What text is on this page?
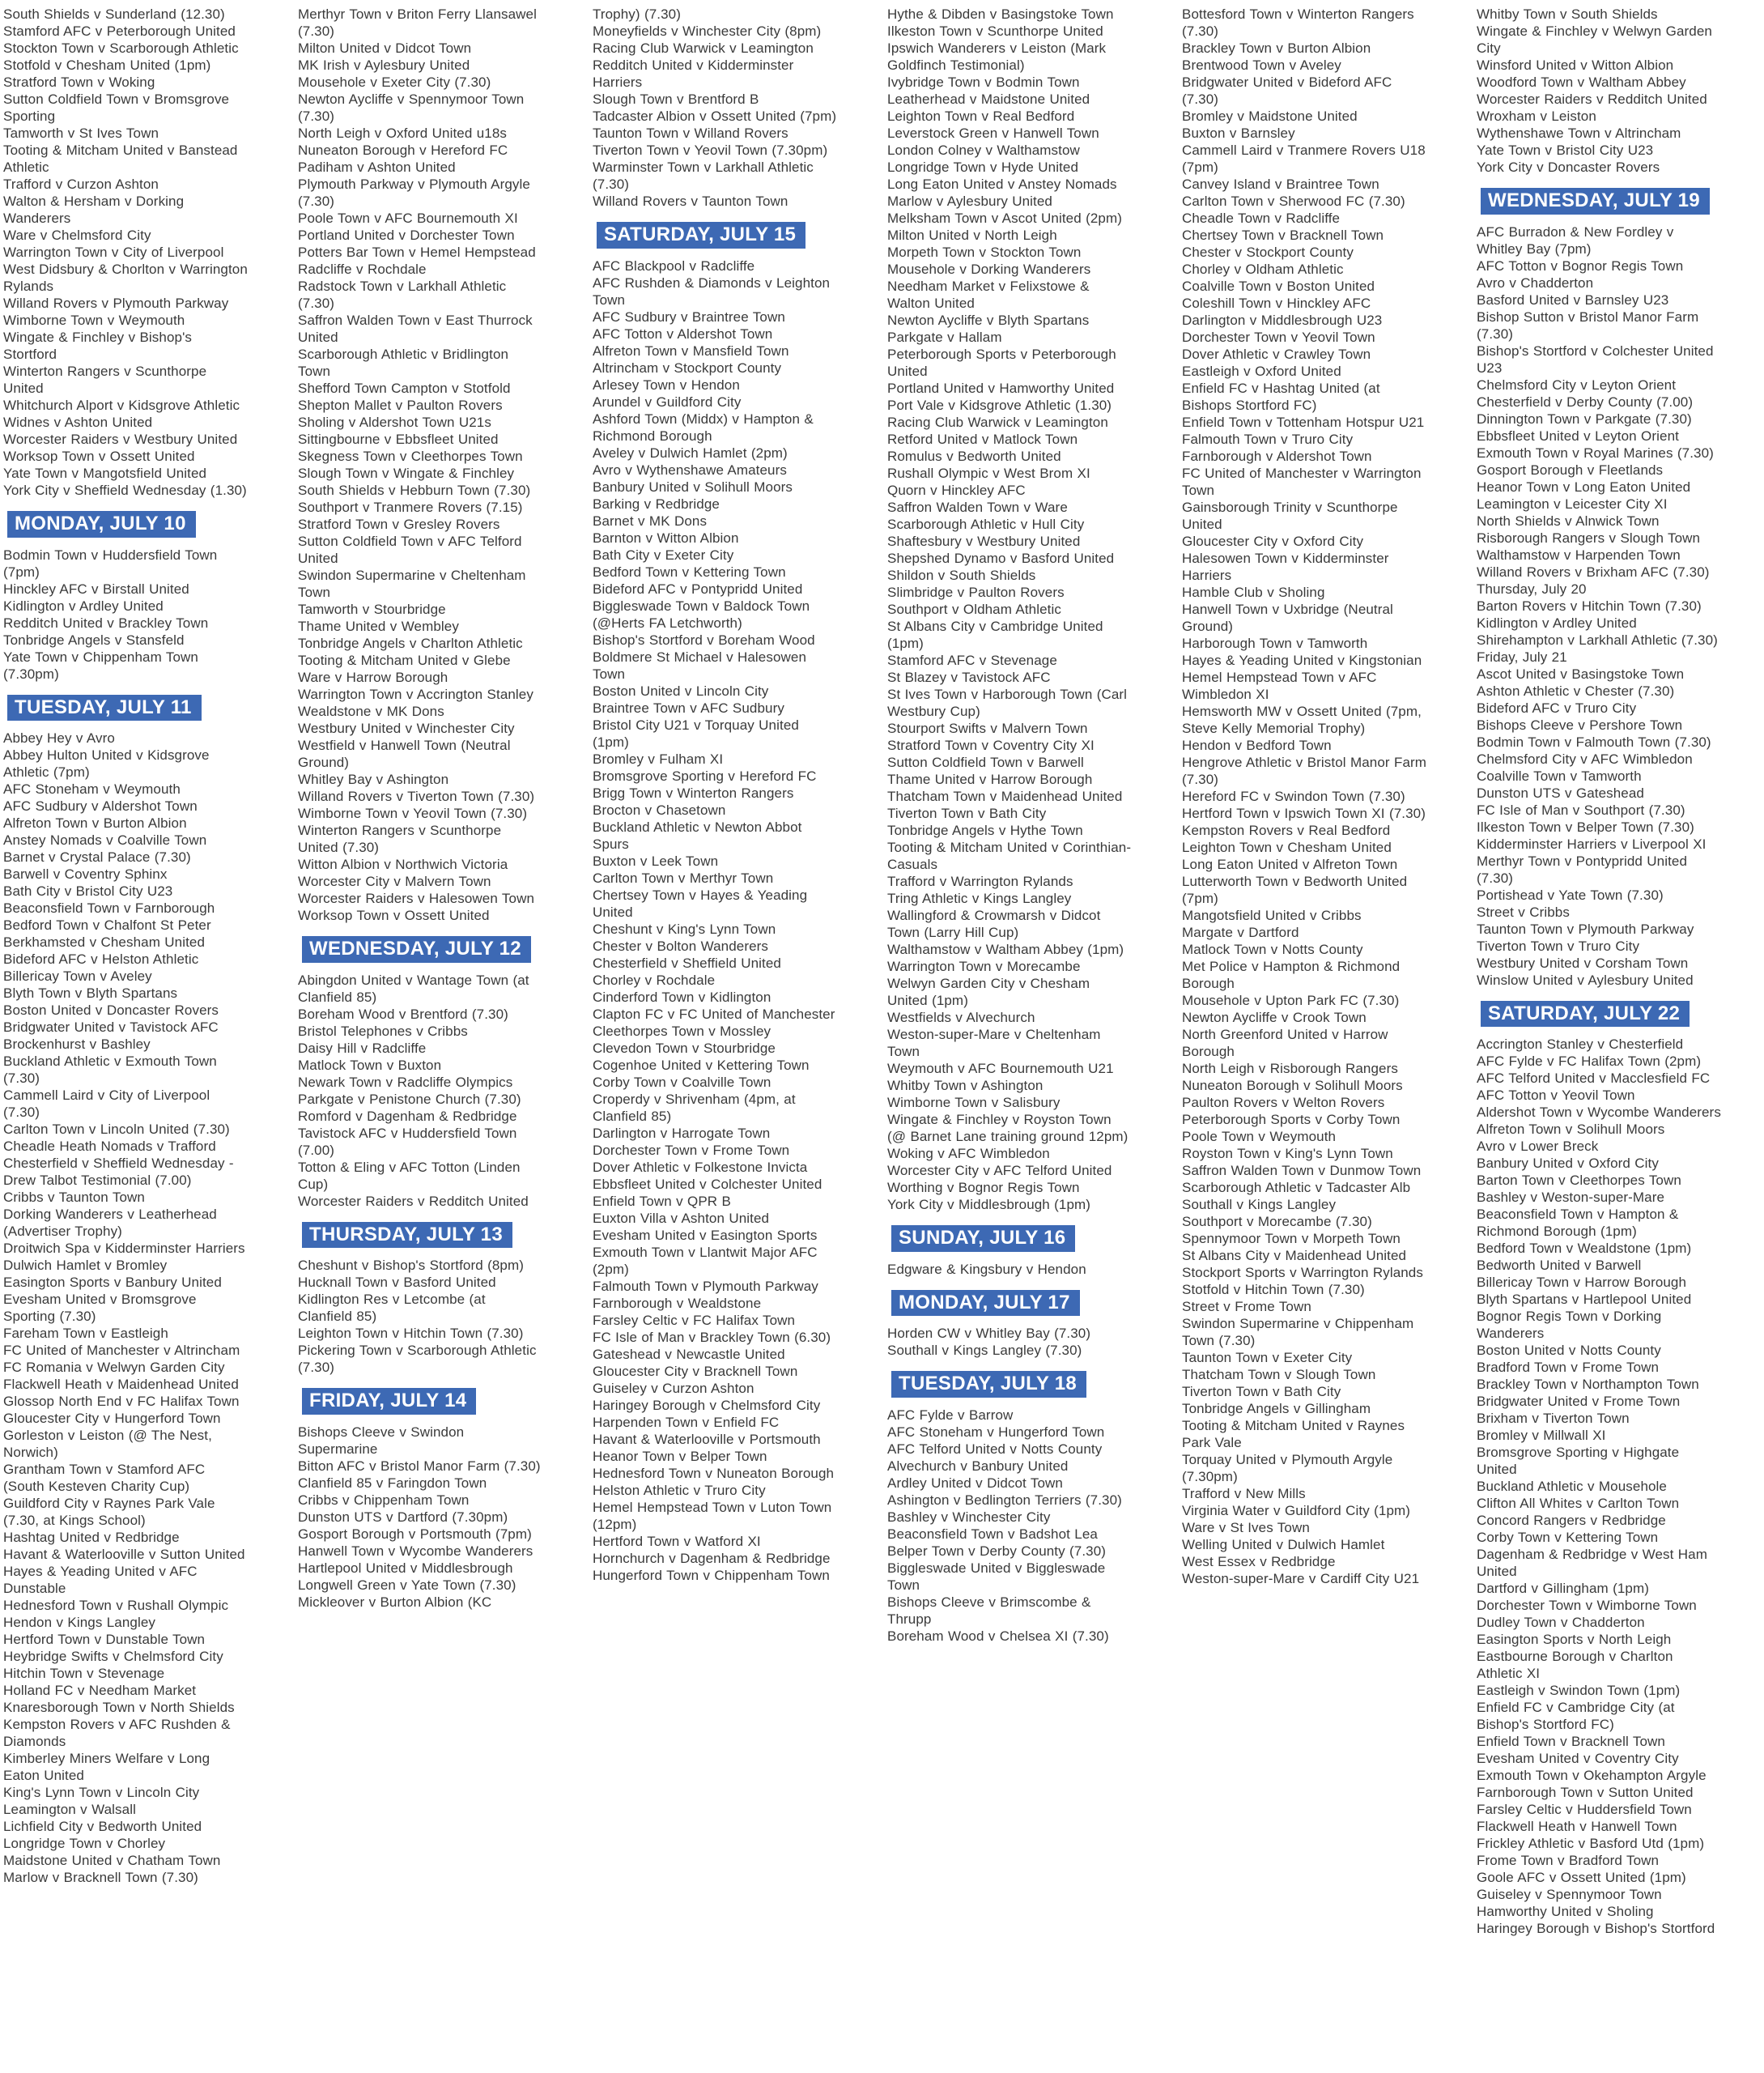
South Shields v Sunderland (12.30)
Stamford AFC v Peterborough United
Stockton Town v Scarborough Athletic
Stotfold v Chesham United (1pm)
Stratford Town v Woking
Sutton Coldfield Town v Bromsgrove Sporting
Tamworth v St Ives Town
Tooting & Mitcham United v Banstead Athletic
Trafford v Curzon Ashton
Walton & Hersham v Dorking Wanderers
Ware v Chelmsford City
Warrington Town v City of Liverpool
West Didsbury & Chorlton v Warrington Rylands
Willand Rovers v Plymouth Parkway
Wimborne Town v Weymouth
Wingate & Finchley v Bishop's Stortford
Winterton Rangers v Scunthorpe United
Whitchurch Alport v Kidsgrove Athletic
Widnes v Ashton United
Worcester Raiders v Westbury United
Worksop Town v Ossett United
Yate Town v Mangotsfield United
York City v Sheffield Wednesday (1.30)
MONDAY, JULY 10
Bodmin Town v Huddersfield Town (7pm)
Hinckley AFC v Birstall United
Kidlington v Ardley United
Redditch United v Brackley Town
Tonbridge Angels v Stansfeld
Yate Town v Chippenham Town (7.30pm)
TUESDAY, JULY 11
Abbey Hey v Avro
Abbey Hulton United v Kidsgrove Athletic (7pm)
AFC Stoneham v Weymouth
AFC Sudbury v Aldershot Town
Alfreton Town v Burton Albion
Anstey Nomads v Coalville Town
Barnet v Crystal Palace (7.30)
Barwell v Coventry Sphinx
Bath City v Bristol City U23
Beaconsfield Town v Farnborough
Bedford Town v Chalfont St Peter
Berkhamsted v Chesham United
Bideford AFC v Helston Athletic
Billericay Town v Aveley
Blyth Town v Blyth Spartans
Boston United v Doncaster Rovers
Bridgwater United v Tavistock AFC
Brockenhurst v Bashley
Buckland Athletic v Exmouth Town (7.30)
Cammell Laird v City of Liverpool (7.30)
Carlton Town v Lincoln United (7.30)
Cheadle Heath Nomads v Trafford
Chesterfield v Sheffield Wednesday - Drew Talbot Testimonial (7.00)
Cribbs v Taunton Town
Dorking Wanderers v Leatherhead (Advertiser Trophy)
Droitwich Spa v Kidderminster Harriers
Dulwich Hamlet v Bromley
Easington Sports v Banbury United
Evesham United v Bromsgrove Sporting (7.30)
Fareham Town v Eastleigh
FC United of Manchester v Altrincham
FC Romania v Welwyn Garden City
Flackwell Heath v Maidenhead United
Glossop North End v FC Halifax Town
Gloucester City v Hungerford Town
Gorleston v Leiston (@ The Nest, Norwich)
Grantham Town v Stamford AFC (South Kesteven Charity Cup)
Guildford City v Raynes Park Vale (7.30, at Kings School)
Hashtag United v Redbridge
Havant & Waterlooville v Sutton United
Hayes & Yeading United v AFC Dunstable
Hednesford Town v Rushall Olympic
Hendon v Kings Langley
Hertford Town v Dunstable Town
Heybridge Swifts v Chelmsford City
Hitchin Town v Stevenage
Holland FC v Needham Market
Knaresborough Town v North Shields
Kempston Rovers v AFC Rushden & Diamonds
Kimberley Miners Welfare v Long Eaton United
King's Lynn Town v Lincoln City
Leamington v Walsall
Lichfield City v Bedworth United
Longridge Town v Chorley
Maidstone United v Chatham Town
Marlow v Bracknell Town (7.30)
Merthyr Town v Briton Ferry Llansawel (7.30)
Milton United v Didcot Town
MK Irish v Aylesbury United
Mousehole v Exeter City (7.30)
Newton Aycliffe v Spennymoor Town (7.30)
North Leigh v Oxford United u18s
Nuneaton Borough v Hereford FC
Padiham v Ashton United
Plymouth Parkway v Plymouth Argyle (7.30)
Poole Town v AFC Bournemouth XI
Portland United v Dorchester Town
Potters Bar Town v Hemel Hempstead
Radcliffe v Rochdale
Radstock Town v Larkhall Athletic (7.30)
Saffron Walden Town v East Thurrock United
Scarborough Athletic v Bridlington Town
Shefford Town Campton v Stotfold
Shepton Mallet v Paulton Rovers
Sholing v Aldershot Town U21s
Sittingbourne v Ebbsfleet United
Skegness Town v Cleethorpes Town
Slough Town v Wingate & Finchley
South Shields v Hebburn Town (7.30)
Southport v Tranmere Rovers (7.15)
Stratford Town v Gresley Rovers
Sutton Coldfield Town v AFC Telford United
Swindon Supermarine v Cheltenham Town
Tamworth v Stourbridge
Thame United v Wembley
Tonbridge Angels v Charlton Athletic
Tooting & Mitcham United v Glebe
Ware v Harrow Borough
Warrington Town v Accrington Stanley
Wealdstone v MK Dons
Westbury United v Winchester City
Westfield v Hanwell Town (Neutral Ground)
Whitley Bay v Ashington
Willand Rovers v Tiverton Town (7.30)
Wimborne Town v Yeovil Town (7.30)
Winterton Rangers v Scunthorpe United (7.30)
Witton Albion v Northwich Victoria
Worcester City v Malvern Town
Worcester Raiders v Halesowen Town
Worksop Town v Ossett United
WEDNESDAY, JULY 12
Abingdon United v Wantage Town (at Clanfield 85)
Boreham Wood v Brentford (7.30)
Bristol Telephones v Cribbs
Daisy Hill v Radcliffe
Matlock Town v Buxton
Newark Town v Radcliffe Olympics
Parkgate v Penistone Church (7.30)
Romford v Dagenham & Redbridge
Tavistock AFC v Huddersfield Town (7.00)
Totton & Eling v AFC Totton (Linden Cup)
Worcester Raiders v Redditch United
THURSDAY, JULY 13
Cheshunt v Bishop's Stortford (8pm)
Hucknall Town v Basford United
Kidlington Res v Letcombe (at Clanfield 85)
Leighton Town v Hitchin Town (7.30)
Pickering Town v Scarborough Athletic (7.30)
FRIDAY, JULY 14
Bishops Cleeve v Swindon Supermarine
Bitton AFC v Bristol Manor Farm (7.30)
Clanfield 85 v Faringdon Town
Cribbs v Chippenham Town
Dunston UTS v Dartford (7.30pm)
Gosport Borough v Portsmouth (7pm)
Hanwell Town v Wycombe Wanderers
Hartlepool United v Middlesbrough
Longwell Green v Yate Town (7.30)
Mickleover v Burton Albion (KC
Trophy) (7.30)
Moneyfields v Winchester City (8pm)
Racing Club Warwick v Leamington
Redditch United v Kidderminster Harriers
Slough Town v Brentford B
Tadcaster Albion v Ossett United (7pm)
Taunton Town v Willand Rovers
Tiverton Town v Yeovil Town (7.30pm)
Warminster Town v Larkhall Athletic (7.30)
Willand Rovers v Taunton Town
SATURDAY, JULY 15
AFC Blackpool v Radcliffe
AFC Rushden & Diamonds v Leighton Town
AFC Sudbury v Braintree Town
AFC Totton v Aldershot Town
Alfreton Town v Mansfield Town
Altrincham v Stockport County
Arlesey Town v Hendon
Arundel v Guildford City
Ashford Town (Middx) v Hampton & Richmond Borough
Aveley v Dulwich Hamlet (2pm)
Avro v Wythenshawe Amateurs
Banbury United v Solihull Moors
Barking v Redbridge
Barnet v MK Dons
Barnton v Witton Albion
Bath City v Exeter City
Bedford Town v Kettering Town
Bideford AFC v Pontypridd United
Biggleswade Town v Baldock Town (@Herts FA Letchworth)
Bishop's Stortford v Boreham Wood
Boldmere St Michael v Halesowen Town
Boston United v Lincoln City
Braintree Town v AFC Sudbury
Bristol City U21 v Torquay United (1pm)
Bromley v Fulham XI
Bromsgrove Sporting v Hereford FC
Brigg Town v Winterton Rangers
Brocton v Chasetown
Buckland Athletic v Newton Abbot Spurs
Buxton v Leek Town
Carlton Town v Merthyr Town
Chertsey Town v Hayes & Yeading United
Cheshunt v King's Lynn Town
Chester v Bolton Wanderers
Chesterfield v Sheffield United
Chorley v Rochdale
Cinderford Town v Kidlington
Clapton FC v FC United of Manchester
Cleethorpes Town v Mossley
Clevedon Town v Stourbridge
Cogenhoe United v Kettering Town
Corby Town v Coalville Town
Croperdy v Shrivenham (4pm, at Clanfield 85)
Darlington v Harrogate Town
Dorchester Town v Frome Town
Dover Athletic v Folkestone Invicta
Ebbsfleet United v Colchester United
Enfield Town v QPR B
Euxton Villa v Ashton United
Evesham United v Easington Sports
Exmouth Town v Llantwit Major AFC (2pm)
Falmouth Town v Plymouth Parkway
Farnborough v Wealdstone
Farsley Celtic v FC Halifax Town
FC Isle of Man v Brackley Town (6.30)
Gateshead v Newcastle United
Gloucester City v Bracknell Town
Guiseley v Curzon Ashton
Haringey Borough v Chelmsford City
Harpenden Town v Enfield FC
Havant & Waterlooville v Portsmouth
Heanor Town v Belper Town
Hednesford Town v Nuneaton Borough
Helston Athletic v Truro City
Hemel Hempstead Town v Luton Town (12pm)
Hertford Town v Watford XI
Hornchurch v Dagenham & Redbridge
Hungerford Town v Chippenham Town
Hythe & Dibden v Basingstoke Town
Ilkeston Town v Scunthorpe United
Ipswich Wanderers v Leiston (Mark Goldfinch Testimonial)
Ivybridge Town v Bodmin Town
Leatherhead v Maidstone United
Leighton Town v Real Bedford
Leverstock Green v Hanwell Town
London Colney v Walthamstow
Longridge Town v Hyde United
Long Eaton United v Anstey Nomads
Marlow v Aylesbury United
Melksham Town v Ascot United (2pm)
Milton United v North Leigh
Morpeth Town v Stockton Town
Mousehole v Dorking Wanderers
Needham Market v Felixstowe & Walton United
Newton Aycliffe v Blyth Spartans
Parkgate v Hallam
Peterborough Sports v Peterborough United
Portland United v Hamworthy United
Port Vale v Kidsgrove Athletic (1.30)
Racing Club Warwick v Leamington
Retford United v Matlock Town
Romulus v Bedworth United
Rushall Olympic v West Brom XI
Quorn v Hinckley AFC
Saffron Walden Town v Ware
Scarborough Athletic v Hull City
Shaftesbury v Westbury United
Shepshed Dynamo v Basford United
Shildon v South Shields
Slimbridge v Paulton Rovers
Southport v Oldham Athletic
St Albans City v Cambridge United (1pm)
Stamford AFC v Stevenage
St Blazey v Tavistock AFC
St Ives Town v Harborough Town (Carl Westbury Cup)
Stourport Swifts v Malvern Town
Stratford Town v Coventry City XI
Sutton Coldfield Town v Barwell
Thame United v Harrow Borough
Thatcham Town v Maidenhead United
Tiverton Town v Bath City
Tonbridge Angels v Hythe Town
Tooting & Mitcham United v Corinthian-Casuals
Trafford v Warrington Rylands
Tring Athletic v Kings Langley
Wallingford & Crowmarsh v Didcot Town (Larry Hill Cup)
Walthamstow v Waltham Abbey (1pm)
Warrington Town v Morecambe
Welwyn Garden City v Chesham United (1pm)
Westfields v Alvechurch
Weston-super-Mare v Cheltenham Town
Weymouth v AFC Bournemouth U21
Whitby Town v Ashington
Wimborne Town v Salisbury
Wingate & Finchley v Royston Town (@ Barnet Lane training ground 12pm)
Woking v AFC Wimbledon
Worcester City v AFC Telford United
Worthing v Bognor Regis Town
York City v Middlesbrough (1pm)
SUNDAY, JULY 16
Edgware & Kingsbury v Hendon
MONDAY, JULY 17
Horden CW v Whitley Bay (7.30)
Southall v Kings Langley (7.30)
TUESDAY, JULY 18
AFC Fylde v Barrow
AFC Stoneham v Hungerford Town
AFC Telford United v Notts County
Alvechurch v Banbury United
Ardley United v Didcot Town
Ashington v Bedlington Terriers (7.30)
Bashley v Winchester City
Beaconsfield Town v Badshot Lea
Belper Town v Derby County (7.30)
Biggleswade United v Biggleswade Town
Bishops Cleeve v Brimscombe & Thrupp
Boreham Wood v Chelsea XI (7.30)
Bottesford Town v Winterton Rangers (7.30)
Brackley Town v Burton Albion
Brentwood Town v Aveley
Bridgwater United v Bideford AFC (7.30)
Bromley v Maidstone United
Buxton v Barnsley
Cammell Laird v Tranmere Rovers U18 (7pm)
Canvey Island v Braintree Town
Carlton Town v Sherwood FC (7.30)
Cheadle Town v Radcliffe
Chertsey Town v Bracknell Town
Chester v Stockport County
Chorley v Oldham Athletic
Coalville Town v Boston United
Coleshill Town v Hinckley AFC
Darlington v Middlesbrough U23
Dorchester Town v Yeovil Town
Dover Athletic v Crawley Town
Eastleigh v Oxford United
Enfield FC v Hashtag United (at Bishops Stortford FC)
Enfield Town v Tottenham Hotspur U21
Falmouth Town v Truro City
Farnborough v Aldershot Town
FC United of Manchester v Warrington Town
Gainsborough Trinity v Scunthorpe United
Gloucester City v Oxford City
Halesowen Town v Kidderminster Harriers
Hamble Club v Sholing
Hanwell Town v Uxbridge (Neutral Ground)
Harborough Town v Tamworth
Hayes & Yeading United v Kingstonian
Hemel Hempstead Town v AFC Wimbledon XI
Hemsworth MW v Ossett United (7pm, Steve Kelly Memorial Trophy)
Hendon v Bedford Town
Hengrove Athletic v Bristol Manor Farm (7.30)
Hereford FC v Swindon Town (7.30)
Hertford Town v Ipswich Town XI (7.30)
Kempston Rovers v Real Bedford
Leighton Town v Chesham United
Long Eaton United v Alfreton Town
Lutterworth Town v Bedworth United (7pm)
Mangotsfield United v Cribbs
Margate v Dartford
Matlock Town v Notts County
Met Police v Hampton & Richmond Borough
Mousehole v Upton Park FC (7.30)
Newton Aycliffe v Crook Town
North Greenford United v Harrow Borough
North Leigh v Risborough Rangers
Nuneaton Borough v Solihull Moors
Paulton Rovers v Welton Rovers
Peterborough Sports v Corby Town
Poole Town v Weymouth
Royston Town v King's Lynn Town
Saffron Walden Town v Dunmow Town
Scarborough Athletic v Tadcaster Alb
Southall v Kings Langley
Southport v Morecambe (7.30)
Spennymoor Town v Morpeth Town
St Albans City v Maidenhead United
Stockport Sports v Warrington Rylands
Stotfold v Hitchin Town (7.30)
Street v Frome Town
Swindon Supermarine v Chippenham Town (7.30)
Taunton Town v Exeter City
Thatcham Town v Slough Town
Tiverton Town v Bath City
Tonbridge Angels v Gillingham
Tooting & Mitcham United v Raynes Park Vale
Torquay United v Plymouth Argyle (7.30pm)
Trafford v New Mills
Virginia Water v Guildford City (1pm)
Ware v St Ives Town
Welling United v Dulwich Hamlet
West Essex v Redbridge
Weston-super-Mare v Cardiff City U21
Whitby Town v South Shields
Wingate & Finchley v Welwyn Garden City
Winsford United v Witton Albion
Woodford Town v Waltham Abbey
Worcester Raiders v Redditch United
Wroxham v Leiston
Wythenshawe Town v Altrincham
Yate Town v Bristol City U23
York City v Doncaster Rovers
WEDNESDAY, JULY 19
AFC Burradon & New Fordley v Whitley Bay (7pm)
AFC Totton v Bognor Regis Town
Avro v Chadderton
Basford United v Barnsley U23
Bishop Sutton v Bristol Manor Farm (7.30)
Bishop's Stortford v Colchester United U23
Chelmsford City v Leyton Orient
Chesterfield v Derby County (7.00)
Dinnington Town v Parkgate (7.30)
Ebbsfleet United v Leyton Orient
Exmouth Town v Royal Marines (7.30)
Gosport Borough v Fleetlands
Heanor Town v Long Eaton United
Leamington v Leicester City XI
North Shields v Alnwick Town
Risborough Rangers v Slough Town
Walthamstow v Harpenden Town
Willand Rovers v Brixham AFC (7.30)
Thursday, July 20
Barton Rovers v Hitchin Town (7.30)
Kidlington v Ardley United
Shirehampton v Larkhall Athletic (7.30)
Friday, July 21
Ascot United v Basingstoke Town
Ashton Athletic v Chester (7.30)
Bideford AFC v Truro City
Bishops Cleeve v Pershore Town
Bodmin Town v Falmouth Town (7.30)
Chelmsford City v AFC Wimbledon
Coalville Town v Tamworth
Dunston UTS v Gateshead
FC Isle of Man v Southport (7.30)
Ilkeston Town v Belper Town (7.30)
Kidderminster Harriers v Liverpool XI
Merthyr Town v Pontypridd United (7.30)
Portishead v Yate Town (7.30)
Street v Cribbs
Taunton Town v Plymouth Parkway
Tiverton Town v Truro City
Westbury United v Corsham Town
Winslow United v Aylesbury United
SATURDAY, JULY 22
Accrington Stanley v Chesterfield
AFC Fylde v FC Halifax Town (2pm)
AFC Telford United v Macclesfield FC
AFC Totton v Yeovil Town
Aldershot Town v Wycombe Wanderers
Alfreton Town v Solihull Moors
Avro v Lower Breck
Banbury United v Oxford City
Barton Town v Cleethorpes Town
Bashley v Weston-super-Mare
Beaconsfield Town v Hampton & Richmond Borough (1pm)
Bedford Town v Wealdstone (1pm)
Bedworth United v Barwell
Billericay Town v Harrow Borough
Blyth Spartans v Hartlepool United
Bognor Regis Town v Dorking Wanderers
Boston United v Notts County
Bradford Town v Frome Town
Brackley Town v Northampton Town
Bridgwater United v Frome Town
Brixham v Tiverton Town
Bromley v Millwall XI
Bromsgrove Sporting v Highgate United
Buckland Athletic v Mousehole
Clifton All Whites v Carlton Town
Concord Rangers v Redbridge
Corby Town v Kettering Town
Dagenham & Redbridge v West Ham United
Dartford v Gillingham (1pm)
Dorchester Town v Wimborne Town
Dudley Town v Chadderton
Easington Sports v North Leigh
Eastbourne Borough v Charlton Athletic XI
Eastleigh v Swindon Town (1pm)
Enfield FC v Cambridge City (at Bishop's Stortford FC)
Enfield Town v Bracknell Town
Evesham United v Coventry City
Exmouth Town v Okehampton Argyle
Farnborough Town v Sutton United
Farsley Celtic v Huddersfield Town
Flackwell Heath v Hanwell Town
Frickley Athletic v Basford Utd (1pm)
Frome Town v Bradford Town
Goole AFC v Ossett United (1pm)
Guiseley v Spennymoor Town
Hamworthy United v Sholing
Haringey Borough v Bishop's Stortford
